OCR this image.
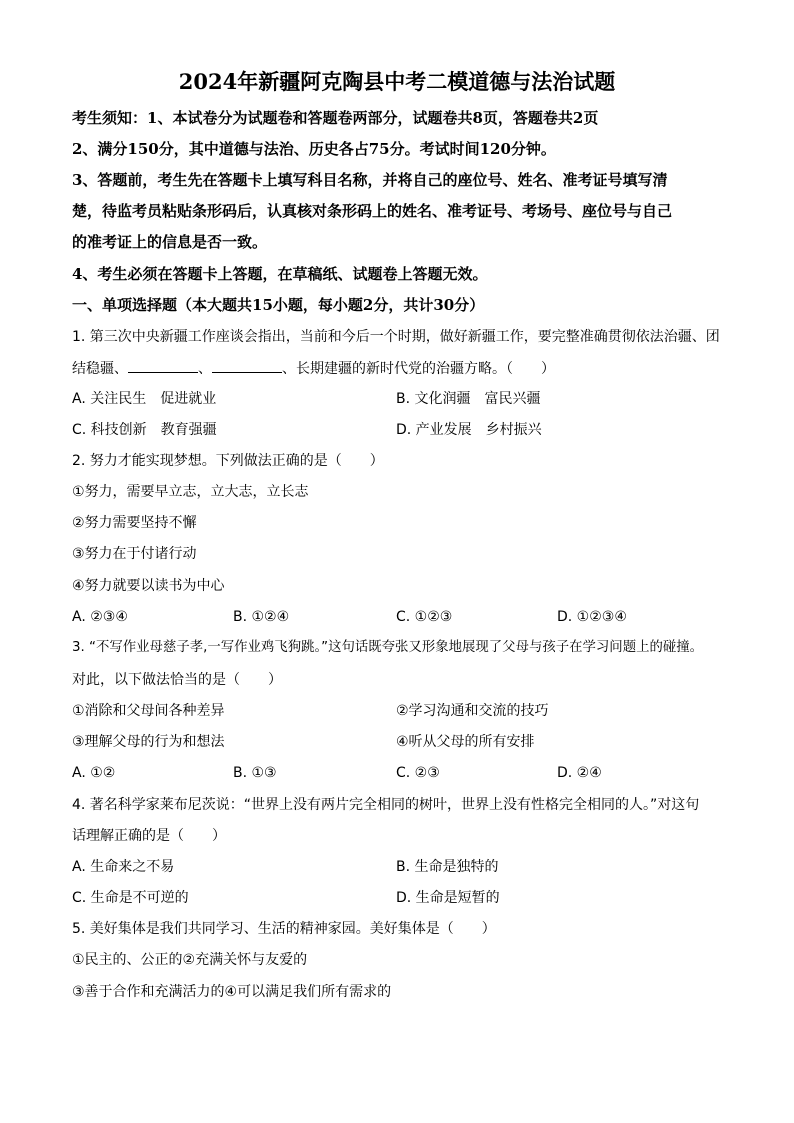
2024年新疆阿克陶县中考二模道德与法治试题
考生须知：1、本试卷分为试题卷和答题卷两部分，试题卷共8页，答题卷共2页
2、满分150分，其中道德与法治、历史各占75分。考试时间120分钟。
3、答题前，考生先在答题卡上填写科目名称，并将自己的座位号、姓名、准考证号填写清
楚，待监考员粘贴条形码后，认真核对条形码上的姓名、准考证号、考场号、座位号与自己
的准考证上的信息是否一致。
4、考生必须在答题卡上答题，在草稿纸、试题卷上答题无效。
一、单项选择题（本大题共15小题，每小题2分，共计30分）
1. 第三次中央新疆工作座谈会指出，当前和今后一个时期，做好新疆工作，要完整准确贯彻依法治疆、团
结稳疆、	、	、长期建疆的新时代党的治疆方略。（　　）
A. 关注民生　促进就业	B. 文化润疆　富民兴疆
C. 科技创新　教育强疆	D. 产业发展　乡村振兴
2. 努力才能实现梦想。下列做法正确的是（　　）
①努力，需要早立志，立大志，立长志
②努力需要坚持不懈
③努力在于付诸行动
④努力就要以读书为中心
A. ②③④	B. ①②④	C. ①②③	D. ①②③④
3. “不写作业母慈子孝,一写作业鸡飞狗跳。”这句话既夸张又形象地展现了父母与孩子在学习问题上的碰撞。
对此，以下做法恰当的是（　　）
①消除和父母间各种差异	②学习沟通和交流的技巧
③理解父母的行为和想法	④听从父母的所有安排
A. ①②	B. ①③	C. ②③	D. ②④
4. 著名科学家莱布尼茨说：“世界上没有两片完全相同的树叶，世界上没有性格完全相同的人。”对这句
话理解正确的是（　　）
A. 生命来之不易	B. 生命是独特的
C. 生命是不可逆的	D. 生命是短暂的
5. 美好集体是我们共同学习、生活的精神家园。美好集体是（　　）
①民主的、公正的②充满关怀与友爱的
③善于合作和充满活力的④可以满足我们所有需求的
